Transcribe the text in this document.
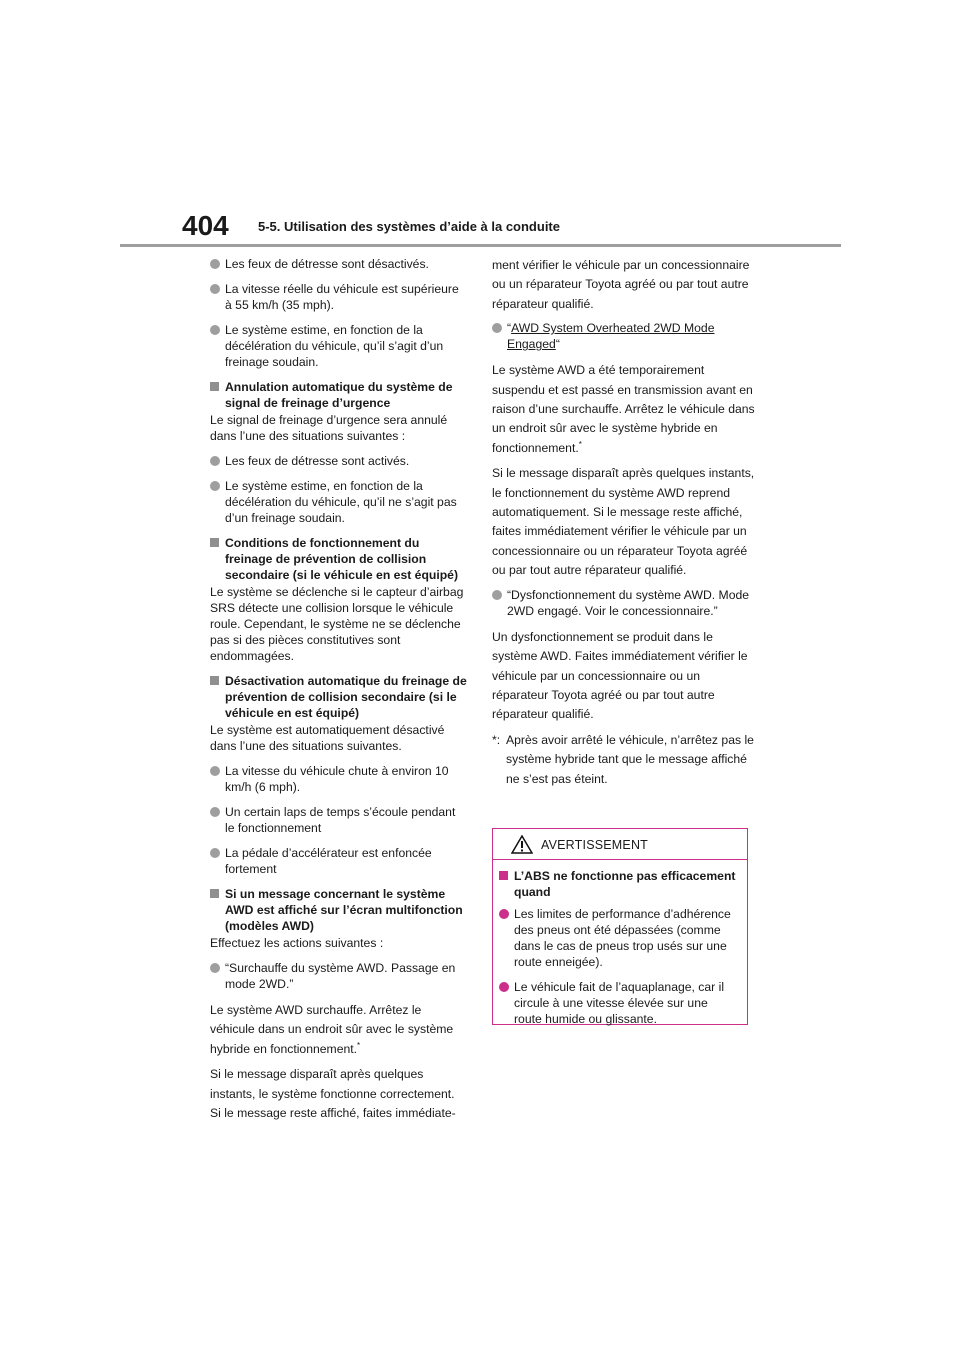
404 5-5. Utilisation des systèmes d’aide à la conduite

Les feux de détresse sont désactivés.

La vitesse réelle du véhicule est supérieure à 55 km/h (35 mph).

Le système estime, en fonction de la décélération du véhicule, qu’il s’agit d’un freinage soudain.

Annulation automatique du système de signal de freinage d’urgence

Le signal de freinage d’urgence sera annulé dans l’une des situations suivantes :

Les feux de détresse sont activés.

Le système estime, en fonction de la décélération du véhicule, qu’il ne s’agit pas d’un freinage soudain.

Conditions de fonctionnement du freinage de prévention de collision secondaire (si le véhicule en est équipé)

Le système se déclenche si le capteur d’airbag SRS détecte une collision lorsque le véhicule roule. Cependant, le système ne se déclenche pas si des pièces constitutives sont endommagées.

Désactivation automatique du freinage de prévention de collision secondaire (si le véhicule en est équipé)

Le système est automatiquement désactivé dans l’une des situations suivantes.

La vitesse du véhicule chute à environ 10 km/h (6 mph).

Un certain laps de temps s’écoule pendant le fonctionnement

La pédale d’accélérateur est enfoncée fortement

Si un message concernant le système AWD est affiché sur l’écran multifonction (modèles AWD)

Effectuez les actions suivantes :

“Surchauffe du système AWD. Passage en mode 2WD.”

Le système AWD surchauffe. Arrêtez le véhicule dans un endroit sûr avec le système hybride en fonctionnement.*

Si le message disparaît après quelques instants, le système fonctionne correctement. Si le message reste affiché, faites immédiate-

ment vérifier le véhicule par un concessionnaire ou un réparateur Toyota agréé ou par tout autre réparateur qualifié.

“AWD System Overheated 2WD Mode Engaged“

Le système AWD a été temporairement suspendu et est passé en transmission avant en raison d’une surchauffe. Arrêtez le véhicule dans un endroit sûr avec le système hybride en fonctionnement.*

Si le message disparaît après quelques instants, le fonctionnement du système AWD reprend automatiquement. Si le message reste affiché, faites immédiatement vérifier le véhicule par un concessionnaire ou un réparateur Toyota agréé ou par tout autre réparateur qualifié.

“Dysfonctionnement du système AWD. Mode 2WD engagé. Voir le concessionnaire.”

Un dysfonctionnement se produit dans le système AWD. Faites immédiatement vérifier le véhicule par un concessionnaire ou un réparateur Toyota agréé ou par tout autre réparateur qualifié.

*: Après avoir arrêté le véhicule, n’arrêtez pas le système hybride tant que le message affiché ne s’est pas éteint.

AVERTISSEMENT

L’ABS ne fonctionne pas efficacement quand

Les limites de performance d’adhérence des pneus ont été dépassées (comme dans le cas de pneus trop usés sur une route enneigée).

Le véhicule fait de l’aquaplanage, car il circule à une vitesse élevée sur une route humide ou glissante.
